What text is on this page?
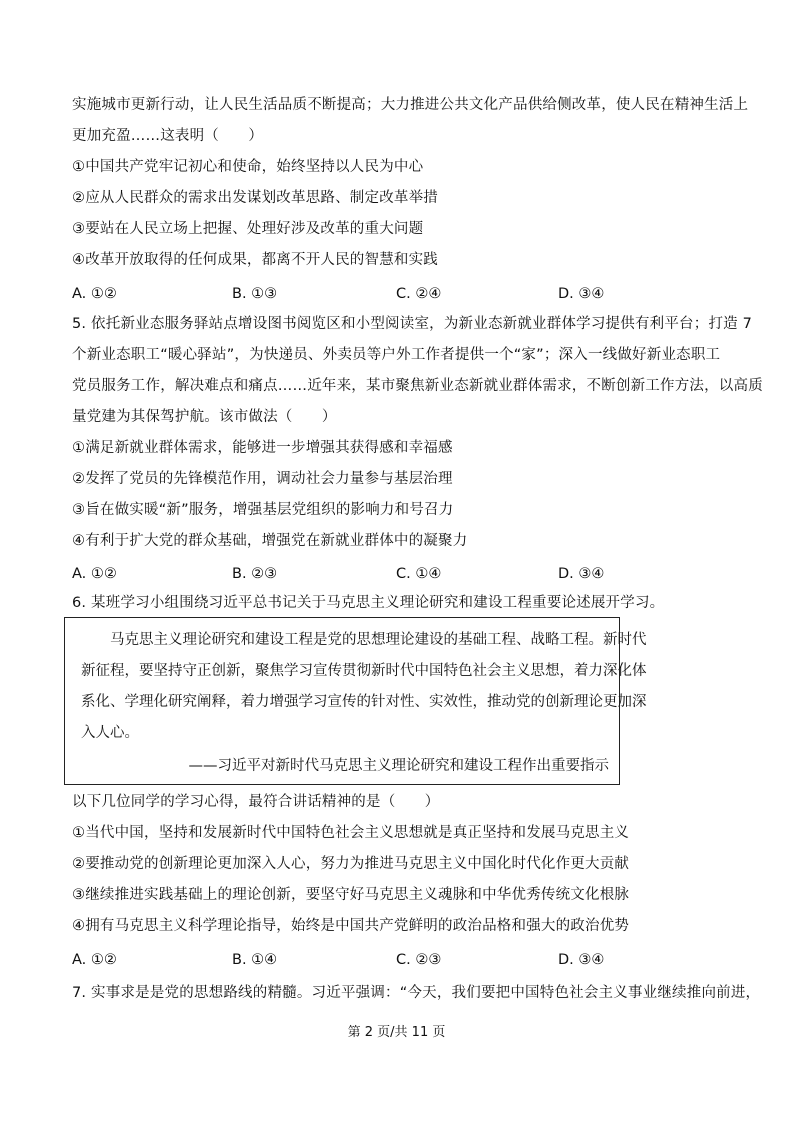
实施城市更新行动，让人民生活品质不断提高；大力推进公共文化产品供给侧改革，使人民在精神生活上
更加充盈……这表明（　　）
①中国共产党牢记初心和使命，始终坚持以人民为中心
②应从人民群众的需求出发谋划改革思路、制定改革举措
③要站在人民立场上把握、处理好涉及改革的重大问题
④改革开放取得的任何成果，都离不开人民的智慧和实践
A. ①②	B. ①③	C. ②④	D. ③④
5. 依托新业态服务驿站点增设图书阅览区和小型阅读室，为新业态新就业群体学习提供有利平台；打造 7
个新业态职工“暖心驿站”，为快递员、外卖员等户外工作者提供一个“家”；深入一线做好新业态职工
党员服务工作，解决难点和痛点……近年来，某市聚焦新业态新就业群体需求，不断创新工作方法，以高质
量党建为其保驾护航。该市做法（　　）
①满足新就业群体需求，能够进一步增强其获得感和幸福感
②发挥了党员的先锋模范作用，调动社会力量参与基层治理
③旨在做实暖“新”服务，增强基层党组织的影响力和号召力
④有利于扩大党的群众基础，增强党在新就业群体中的凝聚力
A. ①②	B. ②③	C. ①④	D. ③④
6. 某班学习小组围绕习近平总书记关于马克思主义理论研究和建设工程重要论述展开学习。
　　马克思主义理论研究和建设工程是党的思想理论建设的基础工程、战略工程。新时代
新征程，要坚持守正创新，聚焦学习宣传贯彻新时代中国特色社会主义思想，着力深化体
系化、学理化研究阐释，着力增强学习宣传的针对性、实效性，推动党的创新理论更加深
入人心。
——习近平对新时代马克思主义理论研究和建设工程作出重要指示
以下几位同学的学习心得，最符合讲话精神的是（　　）
①当代中国，坚持和发展新时代中国特色社会主义思想就是真正坚持和发展马克思主义
②要推动党的创新理论更加深入人心，努力为推进马克思主义中国化时代化作更大贡献
③继续推进实践基础上的理论创新，要坚守好马克思主义魂脉和中华优秀传统文化根脉
④拥有马克思主义科学理论指导，始终是中国共产党鲜明的政治品格和强大的政治优势
A. ①②	B. ①④	C. ②③	D. ③④
7. 实事求是是党的思想路线的精髓。习近平强调：“今天，我们要把中国特色社会主义事业继续推向前进，
第 2 页/共 11 页
